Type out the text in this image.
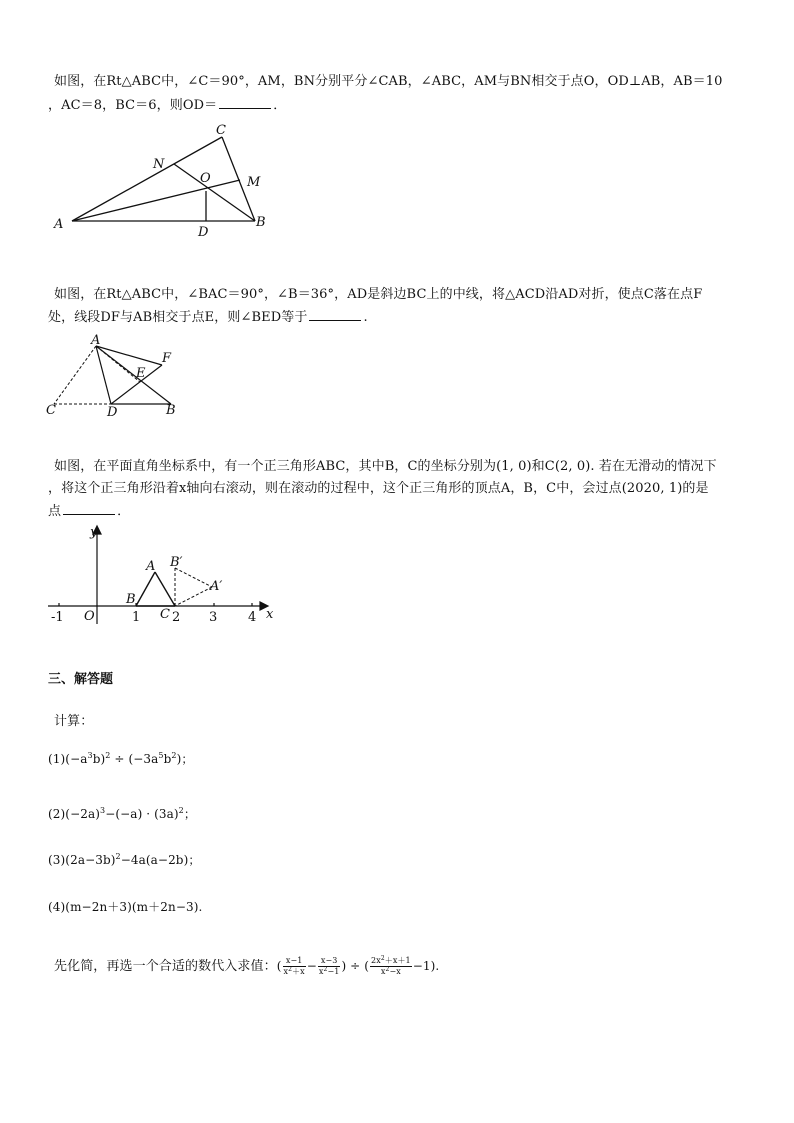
如图，在Rt△ABC中，∠C＝90°，AM，BN分别平分∠CAB，∠ABC，AM与BN相交于点O，OD⊥AB，AB＝10
，AC＝8，BC＝6，则OD＝	．
A	B
C
D
N
O	M
如图，在Rt△ABC中，∠BAC＝90°，∠B＝36°，AD是斜边BC上的中线，将△ACD沿AD对折，使点C落在点F
处，线段DF与AB相交于点E，则∠BED等于	.
A
F
E
C	D	B
如图，在平面直角坐标系中，有一个正三角形ABC，其中B，C的坐标分别为(1, 0)和C(2, 0). 若在无滑动的情况下
，将这个正三角形沿着x轴向右滚动，则在滚动的过程中，这个正三角形的顶点A，B，C中，会过点(2020, 1)的是
点	．
y
x
O
A
B
C
B′
A′
-1	1 2 3 4
三、解答题
计算：
$(1)(-a^3b)^2 \div (-3a^5b^2)$；
$(2)(-2a)^3-(-a) \cdot (3a)^2$；
$(3)(2a-3b)^2-4a(a-2b)$；
(4)(m−2n＋3)(m＋2n−3).
先化简，再选一个合适的数代入求值：( $\frac{x-1}{x^2+x} - \frac{x-3}{x^2-1}$ ) ÷ ( $\frac{2x^2+x+1}{x^2-x} -1$).
